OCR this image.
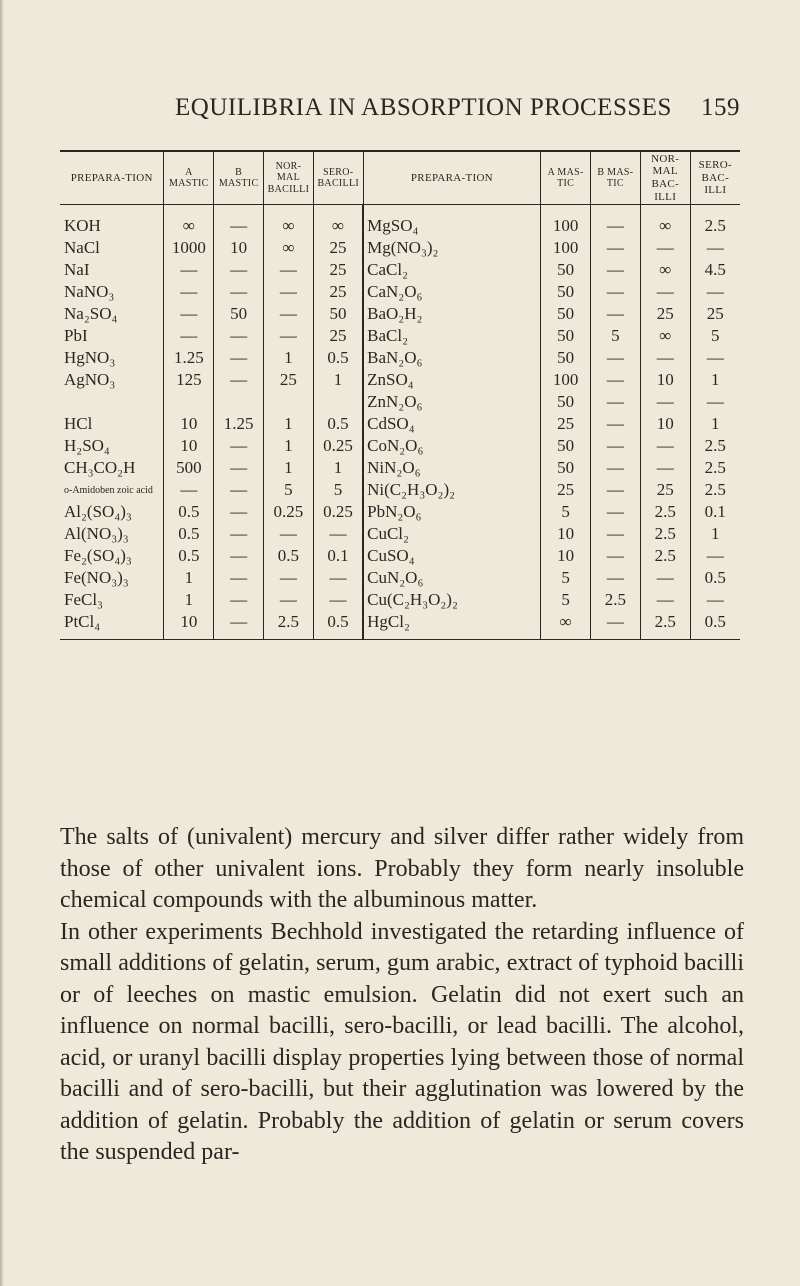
EQUILIBRIA IN ABSORPTION PROCESSES 159
PREPARA-TION	Α MASTIC	Β MASTIC	NOR-MAL BACILLI	SERO-BACILLI	PREPARA-TION	Α MAS-TIC	Β MAS-TIC	NOR-MAL BAC-ILLI	SERO-BAC-ILLI
KOH	∞	—	∞	∞	MgSO₄	100	—	∞	2.5
NaCl	1000	10	∞	25	Mg(NO₃)₂	100	—	—	—
NaI	—	—	—	25	CaCl₂	50	—	∞	4.5
NaNO₃	—	—	—	25	CaN₂O₆	50	—	—	—
Na₂SO₄	—	50	—	50	BaO₂H₂	50	—	25	25
PbI	—	—	—	25	BaCl₂	50	5	∞	5
HgNO₃	1.25	—	1	0.5	BaN₂O₆	50	—	—	—
AgNO₃	125	—	25	1	ZnSO₄	100	—	10	1
					ZnN₂O₆	50	—	—	—
HCl	10	1.25	1	0.5	CdSO₄	25	—	10	1
H₂SO₄	10	—	1	0.25	CoN₂O₆	50	—	—	2.5
CH₃CO₂H	500	—	1	1	NiN₂O₆	50	—	—	2.5
o-Amidoben zoic acid	—	—	5	5	Ni(C₂H₃O₂)₂	25	—	25	2.5
Al₂(SO₄)₃	0.5	—	0.25	0.25	PbN₂O₆	5	—	2.5	0.1
Al(NO₃)₃	0.5	—	—	—	CuCl₂	10	—	2.5	1
Fe₂(SO₄)₃	0.5	—	0.5	0.1	CuSO₄	10	—	2.5	—
Fe(NO₃)₃	1	—	—	—	CuN₂O₆	5	—	—	0.5
FeCl₃	1	—	—	—	Cu(C₂H₃O₂)₂	5	2.5	—	—
PtCl₄	10	—	2.5	0.5	HgCl₂	∞	—	2.5	0.5

The salts of (univalent) mercury and silver differ rather widely from those of other univalent ions. Probably they form nearly insoluble chemical compounds with the albuminous matter.

In other experiments Bechhold investigated the retarding influence of small additions of gelatin, serum, gum arabic, extract of typhoid bacilli or of leeches on mastic emulsion. Gelatin did not exert such an influence on normal bacilli, sero-bacilli, or lead bacilli. The alcohol, acid, or uranyl bacilli display properties lying between those of normal bacilli and of sero-bacilli, but their agglutination was lowered by the addition of gelatin. Probably the addition of gelatin or serum covers the suspended par-
